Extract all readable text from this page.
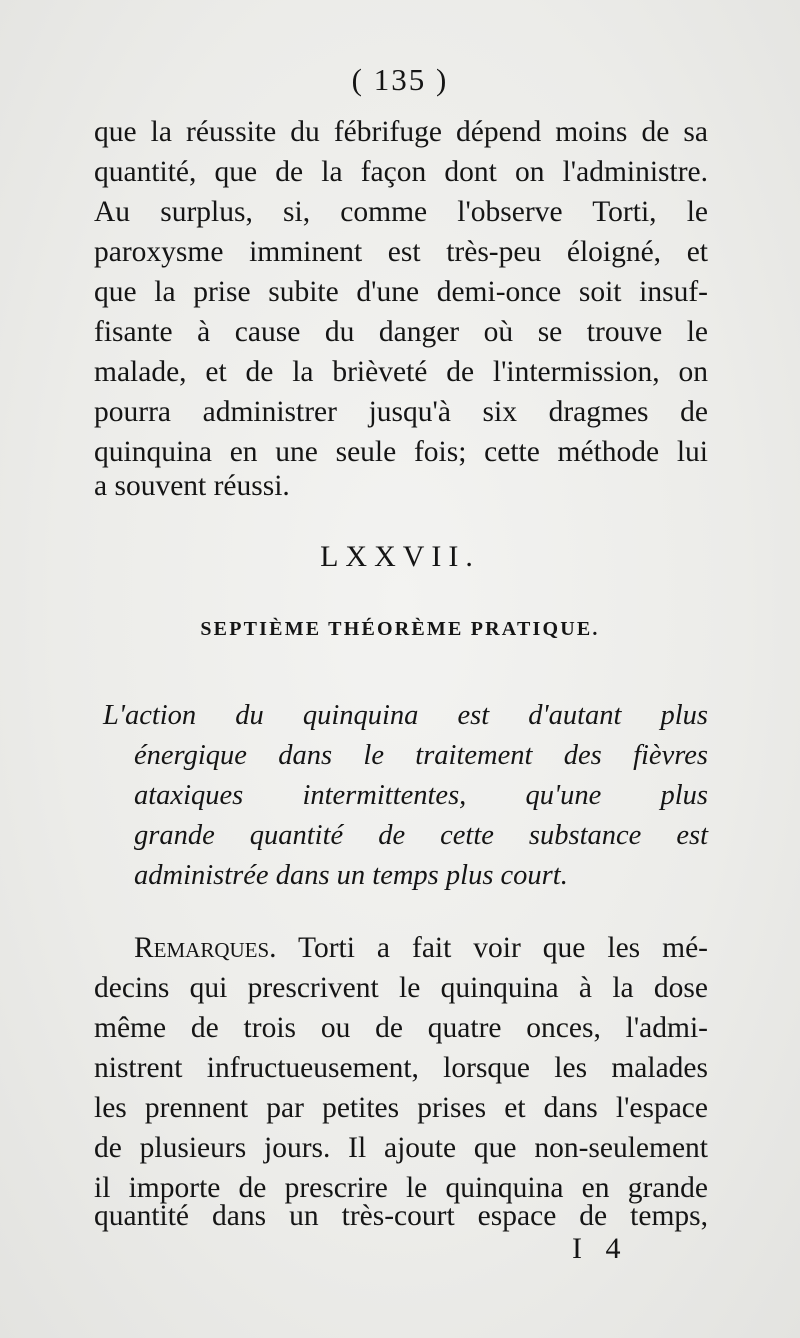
( 135 )
que la réussite du fébrifuge dépend moins de sa
quantité, que de la façon dont on l'administre.
Au surplus, si, comme l'observe Torti, le
paroxysme imminent est très-peu éloigné, et
que la prise subite d'une demi-once soit insuf-
fisante à cause du danger où se trouve le
malade, et de la brièveté de l'intermission, on
pourra administrer jusqu'à six dragmes de
quinquina en une seule fois; cette méthode lui
a souvent réussi.
LXXVII.
SEPTIÈME THÉORÈME PRATIQUE.
L'action du quinquina est d'autant plus
énergique dans le traitement des fièvres
ataxiques intermittentes, qu'une plus
grande quantité de cette substance est
administrée dans un temps plus court.
Remarques. Torti a fait voir que les mé-
decins qui prescrivent le quinquina à la dose
même de trois ou de quatre onces, l'admi-
nistrent infructueusement, lorsque les malades
les prennent par petites prises et dans l'espace
de plusieurs jours. Il ajoute que non-seulement
il importe de prescrire le quinquina en grande
quantité dans un très-court espace de temps,
I 4
